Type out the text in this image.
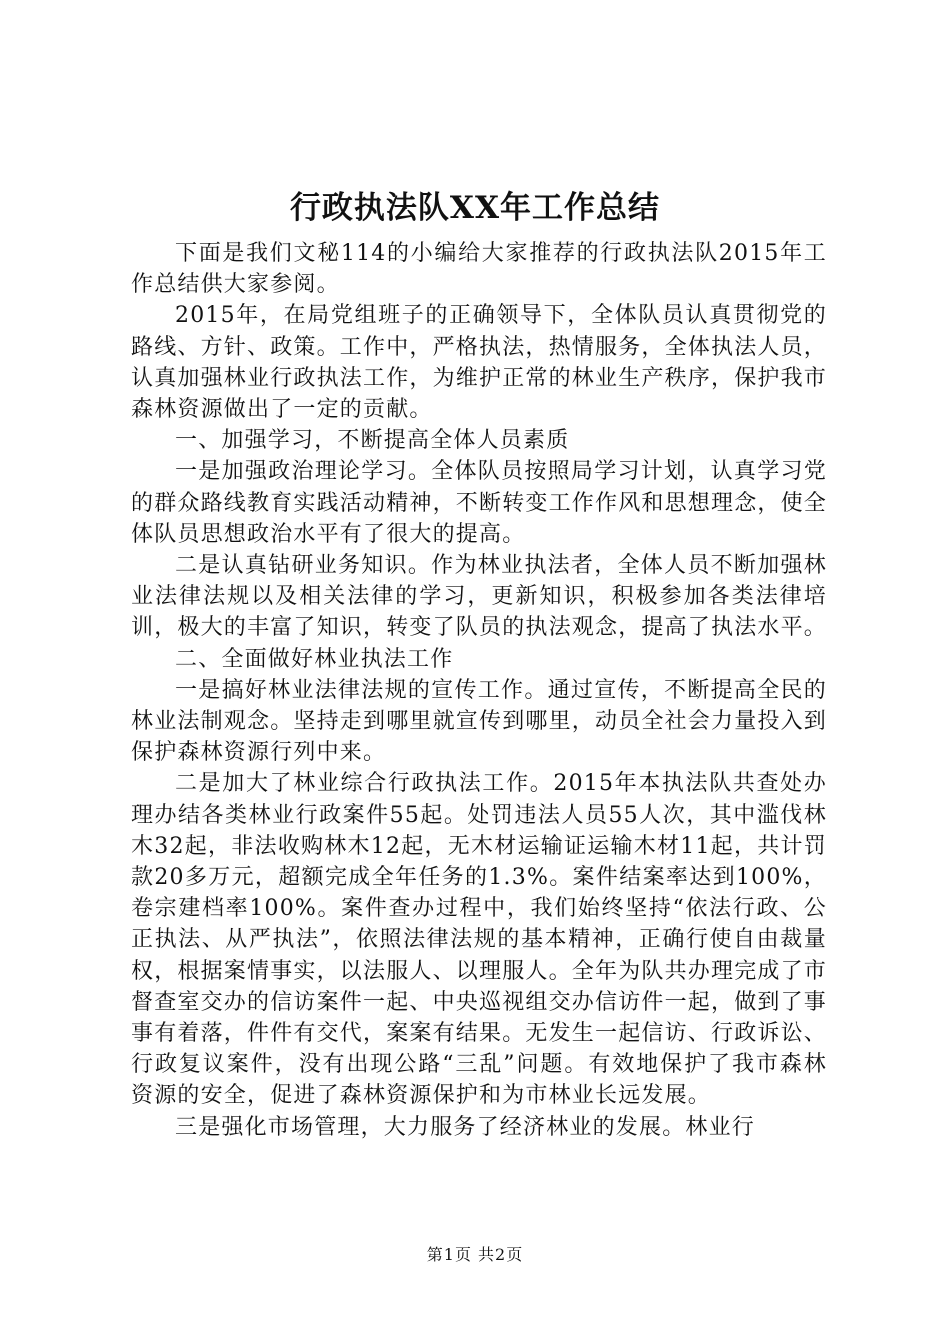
行政执法队XX年工作总结

下面是我们文秘114的小编给大家推荐的行政执法队2015年工作总结供大家参阅。

2015年，在局党组班子的正确领导下，全体队员认真贯彻党的路线、方针、政策。工作中，严格执法，热情服务，全体执法人员，认真加强林业行政执法工作，为维护正常的林业生产秩序，保护我市森林资源做出了一定的贡献。

一、加强学习，不断提高全体人员素质

一是加强政治理论学习。全体队员按照局学习计划，认真学习党的群众路线教育实践活动精神，不断转变工作作风和思想理念，使全体队员思想政治水平有了很大的提高。

二是认真钻研业务知识。作为林业执法者，全体人员不断加强林业法律法规以及相关法律的学习，更新知识，积极参加各类法律培训，极大的丰富了知识，转变了队员的执法观念，提高了执法水平。

二、全面做好林业执法工作

一是搞好林业法律法规的宣传工作。通过宣传，不断提高全民的林业法制观念。坚持走到哪里就宣传到哪里，动员全社会力量投入到保护森林资源行列中来。

二是加大了林业综合行政执法工作。2015年本执法队共查处办理办结各类林业行政案件55起。处罚违法人员55人次，其中滥伐林木32起，非法收购林木12起，无木材运输证运输木材11起，共计罚款20多万元，超额完成全年任务的1.3%。案件结案率达到100%，卷宗建档率100%。案件查办过程中，我们始终坚持“依法行政、公正执法、从严执法”，依照法律法规的基本精神，正确行使自由裁量权，根据案情事实，以法服人、以理服人。全年为队共办理完成了市督查室交办的信访案件一起、中央巡视组交办信访件一起，做到了事事有着落，件件有交代，案案有结果。无发生一起信访、行政诉讼、行政复议案件，没有出现公路“三乱”问题。有效地保护了我市森林资源的安全，促进了森林资源保护和为市林业长远发展。

三是强化市场管理，大力服务了经济林业的发展。林业行

第1页 共2页
